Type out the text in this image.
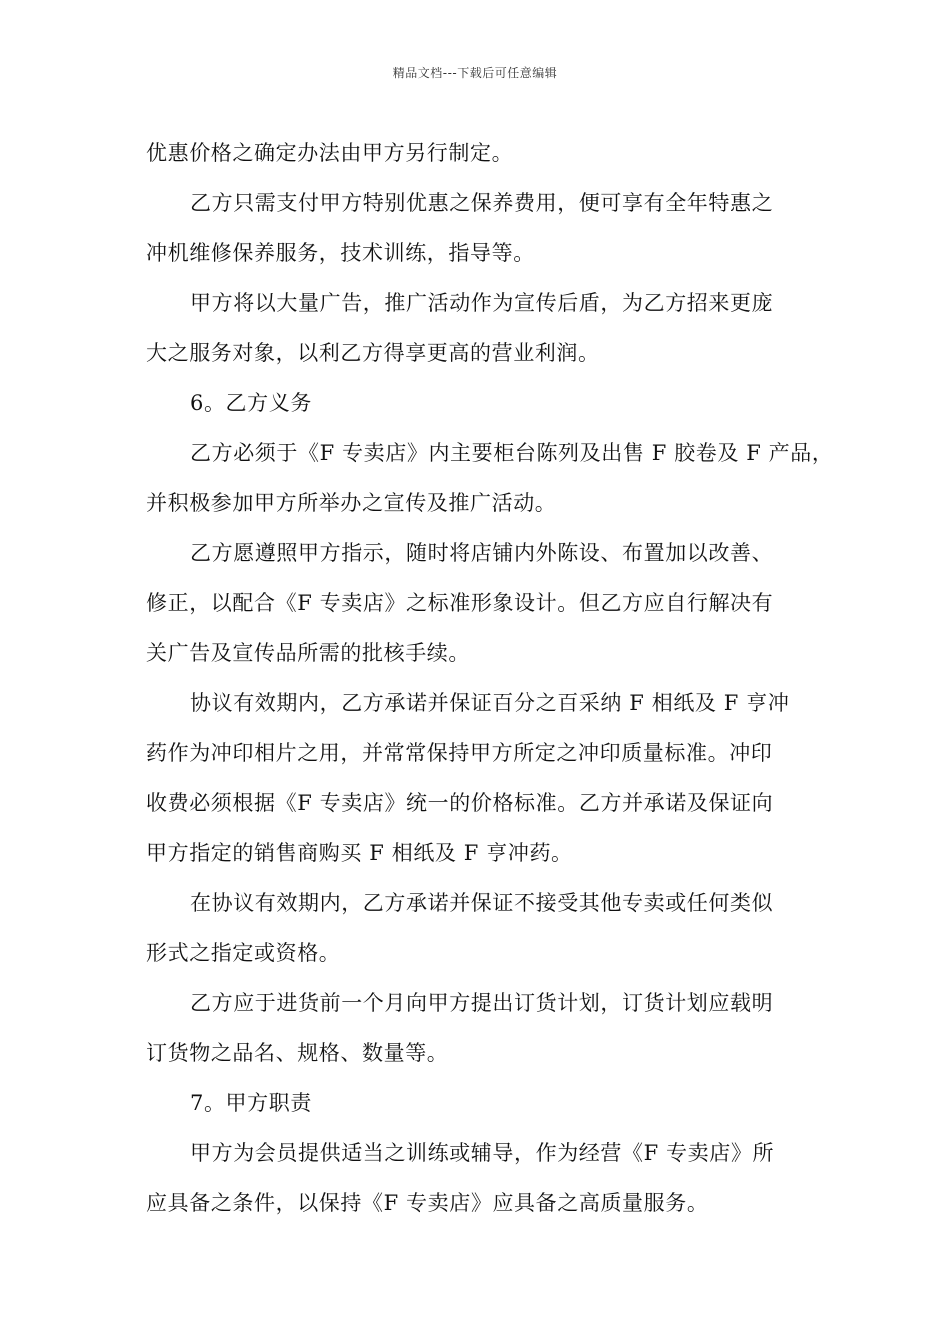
精品文档---下载后可任意编辑
优惠价格之确定办法由甲方另行制定。
乙方只需支付甲方特别优惠之保养费用，便可享有全年特惠之
冲机维修保养服务，技术训练，指导等。
甲方将以大量广告，推广活动作为宣传后盾，为乙方招来更庞
大之服务对象，以利乙方得享更高的营业利润。
6。乙方义务
乙方必须于《F 专卖店》内主要柜台陈列及出售 F 胶卷及 F 产品，
并积极参加甲方所举办之宣传及推广活动。
乙方愿遵照甲方指示，随时将店铺内外陈设、布置加以改善、
修正，以配合《F 专卖店》之标准形象设计。但乙方应自行解决有
关广告及宣传品所需的批核手续。
协议有效期内，乙方承诺并保证百分之百采纳 F 相纸及 F 亨冲
药作为冲印相片之用，并常常保持甲方所定之冲印质量标准。冲印
收费必须根据《F 专卖店》统一的价格标准。乙方并承诺及保证向
甲方指定的销售商购买 F 相纸及 F 亨冲药。
在协议有效期内，乙方承诺并保证不接受其他专卖或任何类似
形式之指定或资格。
乙方应于进货前一个月向甲方提出订货计划，订货计划应载明
订货物之品名、规格、数量等。
7。甲方职责
甲方为会员提供适当之训练或辅导，作为经营《F 专卖店》所
应具备之条件，以保持《F 专卖店》应具备之高质量服务。
